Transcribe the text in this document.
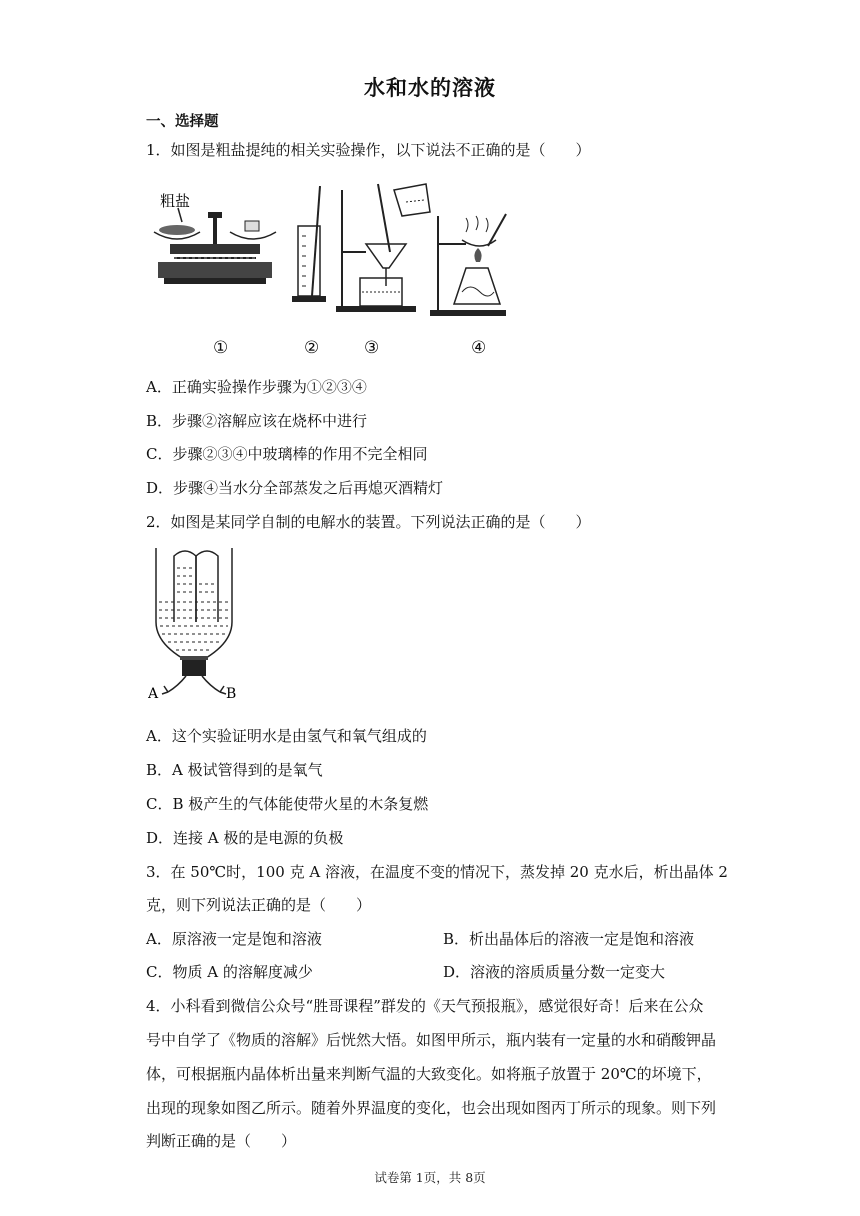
水和水的溶液
一、选择题
1．如图是粗盐提纯的相关实验操作，以下说法不正确的是（　　）
粗盐
①	②	③	④
A．正确实验操作步骤为①②③④
B．步骤②溶解应该在烧杯中进行
C．步骤②③④中玻璃棒的作用不完全相同
D．步骤④当水分全部蒸发之后再熄灭酒精灯
2．如图是某同学自制的电解水的装置。下列说法正确的是（　　）
A	B
A．这个实验证明水是由氢气和氧气组成的
B．A 极试管得到的是氧气
C．B 极产生的气体能使带火星的木条复燃
D．连接 A 极的是电源的负极
3．在 50℃时，100 克 A 溶液，在温度不变的情况下，蒸发掉 20 克水后，析出晶体 2
克，则下列说法正确的是（　　）
A．原溶液一定是饱和溶液	B．析出晶体后的溶液一定是饱和溶液
C．物质 A 的溶解度减少	D．溶液的溶质质量分数一定变大
4．小科看到微信公众号“胜哥课程”群发的《天气预报瓶》，感觉很好奇！后来在公众
号中自学了《物质的溶解》后恍然大悟。如图甲所示，瓶内装有一定量的水和硝酸钾晶
体，可根据瓶内晶体析出量来判断气温的大致变化。如将瓶子放置于 20℃的坏境下，
出现的现象如图乙所示。随着外界温度的变化，也会出现如图丙丁所示的现象。则下列
判断正确的是（　　）
试卷第 1页，共 8页
